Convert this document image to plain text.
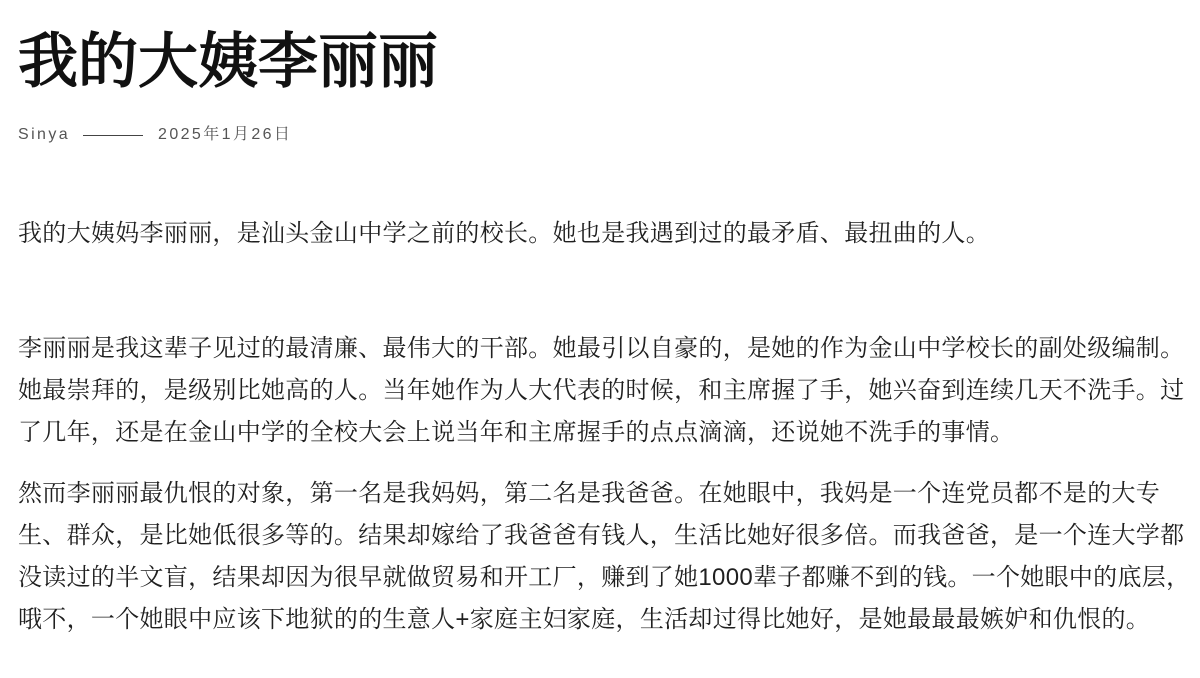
我的大姨李丽丽
Sinya	2025年1月26日

我的大姨妈李丽丽，是汕头金山中学之前的校长。她也是我遇到过的最矛盾、最扭曲的人。

李丽丽是我这辈子见过的最清廉、最伟大的干部。她最引以自豪的，是她的作为金山中学校长的副处级编制。她最崇拜的，是级别比她高的人。当年她作为人大代表的时候，和主席握了手，她兴奋到连续几天不洗手。过了几年，还是在金山中学的全校大会上说当年和主席握手的点点滴滴，还说她不洗手的事情。

然而李丽丽最仇恨的对象，第一名是我妈妈，第二名是我爸爸。在她眼中，我妈是一个连党员都不是的大专生、群众，是比她低很多等的。结果却嫁给了我爸爸有钱人，生活比她好很多倍。而我爸爸，是一个连大学都没读过的半文盲，结果却因为很早就做贸易和开工厂，赚到了她1000辈子都赚不到的钱。一个她眼中的底层，哦不，一个她眼中应该下地狱的的生意人+家庭主妇家庭，生活却过得比她好，是她最最最嫉妒和仇恨的。
